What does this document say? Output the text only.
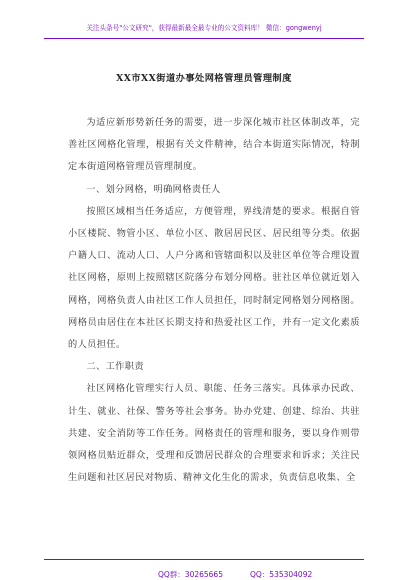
关注头条号"公文研究"，获得最新最全最专业的公文资料库！ 微信：gongwenyj
XX市XX街道办事处网格管理员管理制度

为适应新形势新任务的需要，进一步深化城市社区体制改革，完善社区网格化管理，根据有关文件精神，结合本街道实际情况，特制定本街道网格管理员管理制度。

一、划分网格，明确网格责任人

按照区域相当任务适应，方便管理，界线清楚的要求。根据自管小区楼院、物管小区、单位小区、散居居民区、居民组等分类。依据户籍人口、流动人口、人户分离和管辖面积以及驻区单位等合理设置社区网格，原则上按照辖区院落分布划分网格。驻社区单位就近划入网格，网格负责人由社区工作人员担任，同时制定网格划分网格图。网格员由居住在本社区长期支持和热爱社区工作，并有一定文化素质的人员担任。

二、工作职责

社区网格化管理实行人员、职能、任务三落实。具体承办民政、计生、就业、社保、警务等社会事务。协办党建、创建、综治、共驻共建、安全消防等工作任务。网格责任的管理和服务，要以身作则带领网格员贴近群众，受理和反馈居民群众的合理要求和诉求；关注民生问题和社区居民对物质、精神文化生化的需求，负责信息收集、全

QQ群：30265665	QQ：535304092
